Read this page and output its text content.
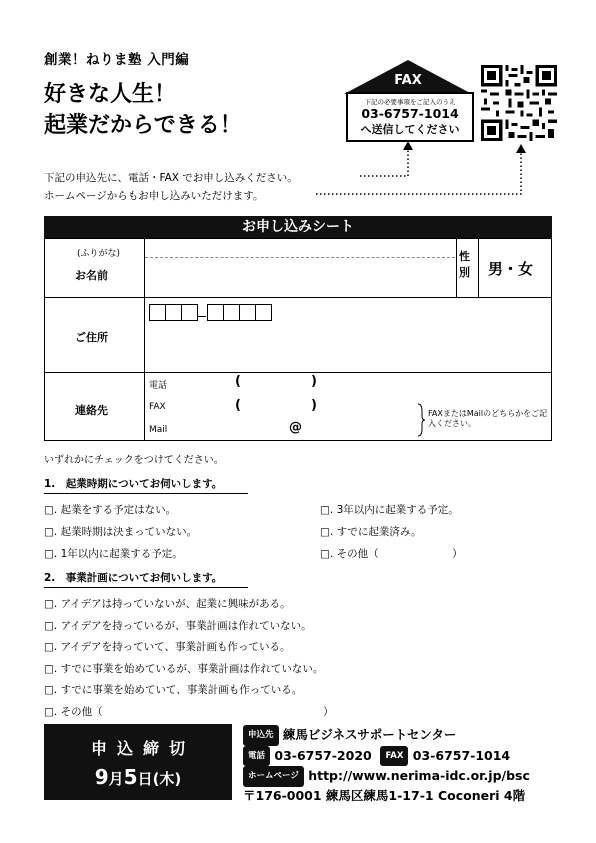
創業！ねりま塾 入門編
好きな人生！
起業だからできる！
FAX
下記の必要事項をご記入のうえ
03-6757-1014
へ送信してください
下記の申込先に、電話・FAX でお申し込みください。
ホームページからもお申し込みいただけます。
お申し込みシート
(ふりがな)
お名前
性別	男・女
ご住所
連絡先
電話	(	)
FAX	(	)
Mail	@
FAXまたはMailのどちらかをご記入ください。
いずれかにチェックをつけてください。
1.　起業時期についてお伺いします。
□. 起業をする予定はない。
□. 起業時期は決まっていない。
□. 1年以内に起業する予定。
□. 3年以内に起業する予定。
□. すでに起業済み。
□. その他（　　　　　　　）
2.　事業計画についてお伺いします。
□. アイデアは持っていないが、起業に興味がある。
□. アイデアを持っているが、事業計画は作れていない。
□. アイデアを持っていて、事業計画も作っている。
□. すでに事業を始めているが、事業計画は作れていない。
□. すでに事業を始めていて、事業計画も作っている。
□. その他（　　　　　　　　　　　　　　　　　　　　　）
申込締切
9月5日(木)
申込先 練馬ビジネスサポートセンター
電話 03-6757-2020 FAX 03-6757-1014
ホームページ http://www.nerima-idc.or.jp/bsc
〒176-0001 練馬区練馬1-17-1 Coconeri 4階
